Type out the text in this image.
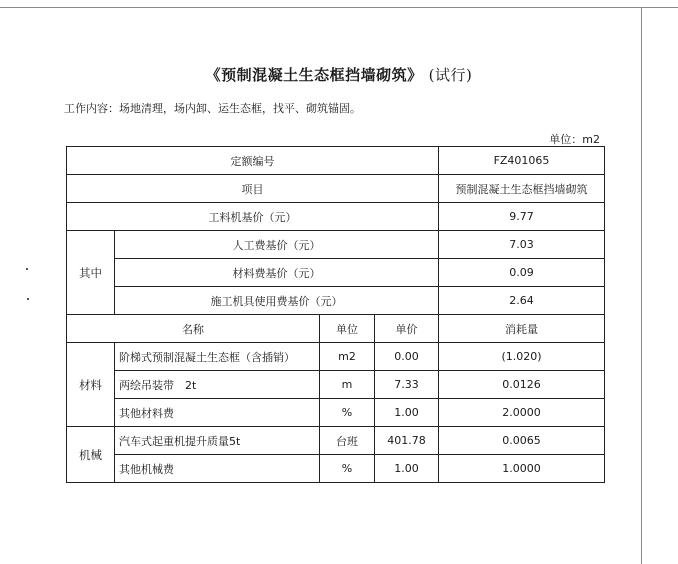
《预制混凝土生态框挡墙砌筑》 (试行)
工作内容：场地清理，场内卸、运生态框，找平、砌筑锚固。
单位：m2
定额编号				FZ401065
项目				预制混凝土生态框挡墙砌筑
工料机基价（元）				9.77
其中	人工费基价（元）			7.03
	材料费基价（元）			0.09
	施工机具使用费基价（元）			2.64
名称		单位	单价	消耗量
材料	阶梯式预制混凝土生态框（含插销）	m2	0.00	(1.020)
	两绘吊装带　2t	m	7.33	0.0126
	其他材料费	%	1.00	2.0000
机械	汽车式起重机提升质量5t	台班	401.78	0.0065
	其他机械费	%	1.00	1.0000
